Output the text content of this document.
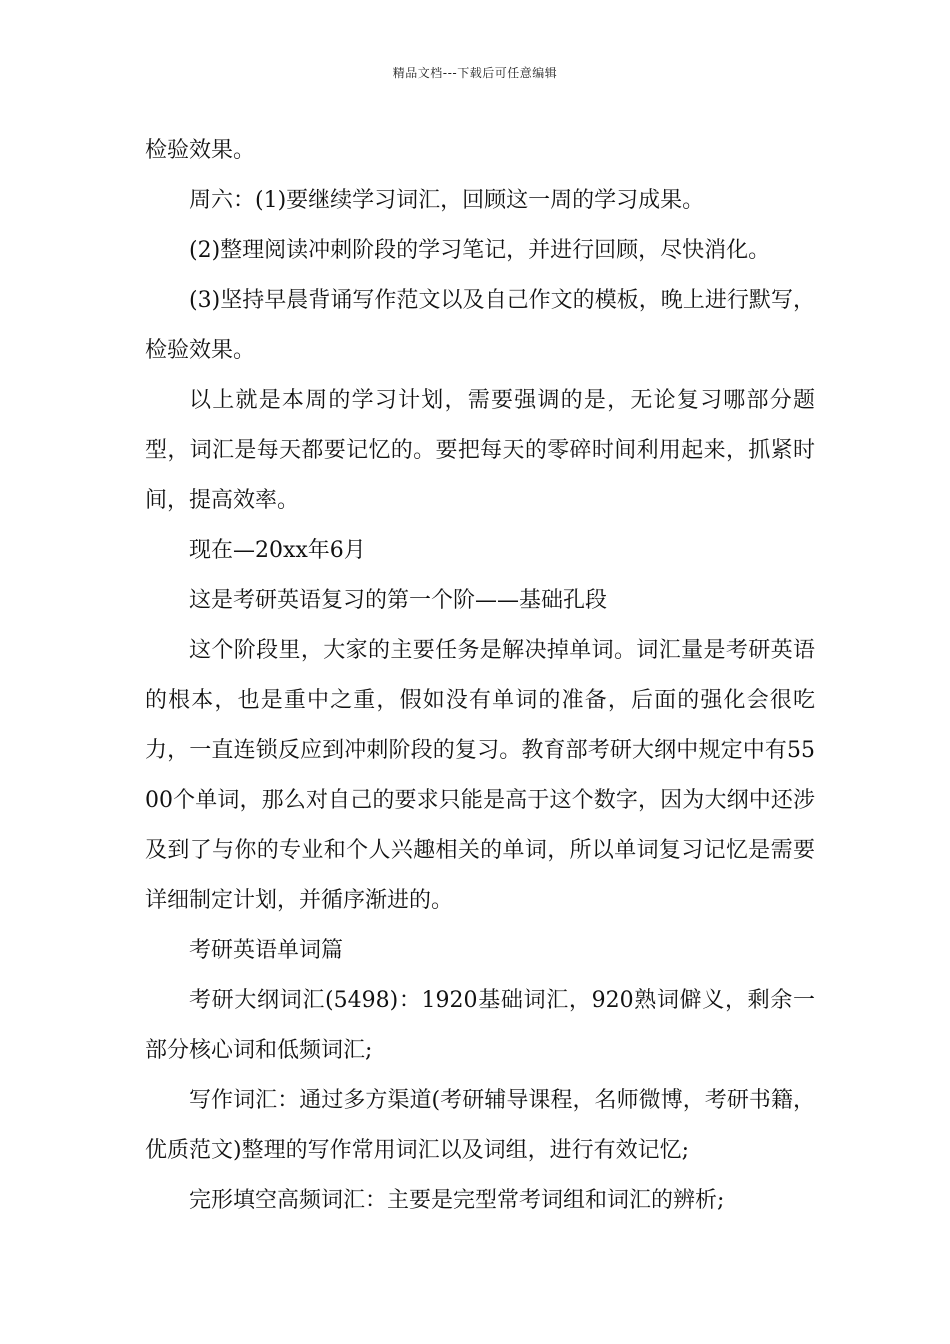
精品文档---下载后可任意编辑

检验效果。

周六：(1)要继续学习词汇，回顾这一周的学习成果。

(2)整理阅读冲刺阶段的学习笔记，并进行回顾，尽快消化。

(3)坚持早晨背诵写作范文以及自己作文的模板，晚上进行默写，检验效果。

以上就是本周的学习计划，需要强调的是，无论复习哪部分题型，词汇是每天都要记忆的。要把每天的零碎时间利用起来，抓紧时间，提高效率。

现在—20xx年6月

这是考研英语复习的第一个阶——基础孔段

这个阶段里，大家的主要任务是解决掉单词。词汇量是考研英语的根本，也是重中之重，假如没有单词的准备，后面的强化会很吃力，一直连锁反应到冲刺阶段的复习。教育部考研大纲中规定中有5500个单词，那么对自己的要求只能是高于这个数字，因为大纲中还涉及到了与你的专业和个人兴趣相关的单词，所以单词复习记忆是需要详细制定计划，并循序渐进的。

考研英语单词篇

考研大纲词汇(5498)：1920基础词汇，920熟词僻义，剩余一部分核心词和低频词汇;

写作词汇：通过多方渠道(考研辅导课程，名师微博，考研书籍，优质范文)整理的写作常用词汇以及词组，进行有效记忆;

完形填空高频词汇：主要是完型常考词组和词汇的辨析;
